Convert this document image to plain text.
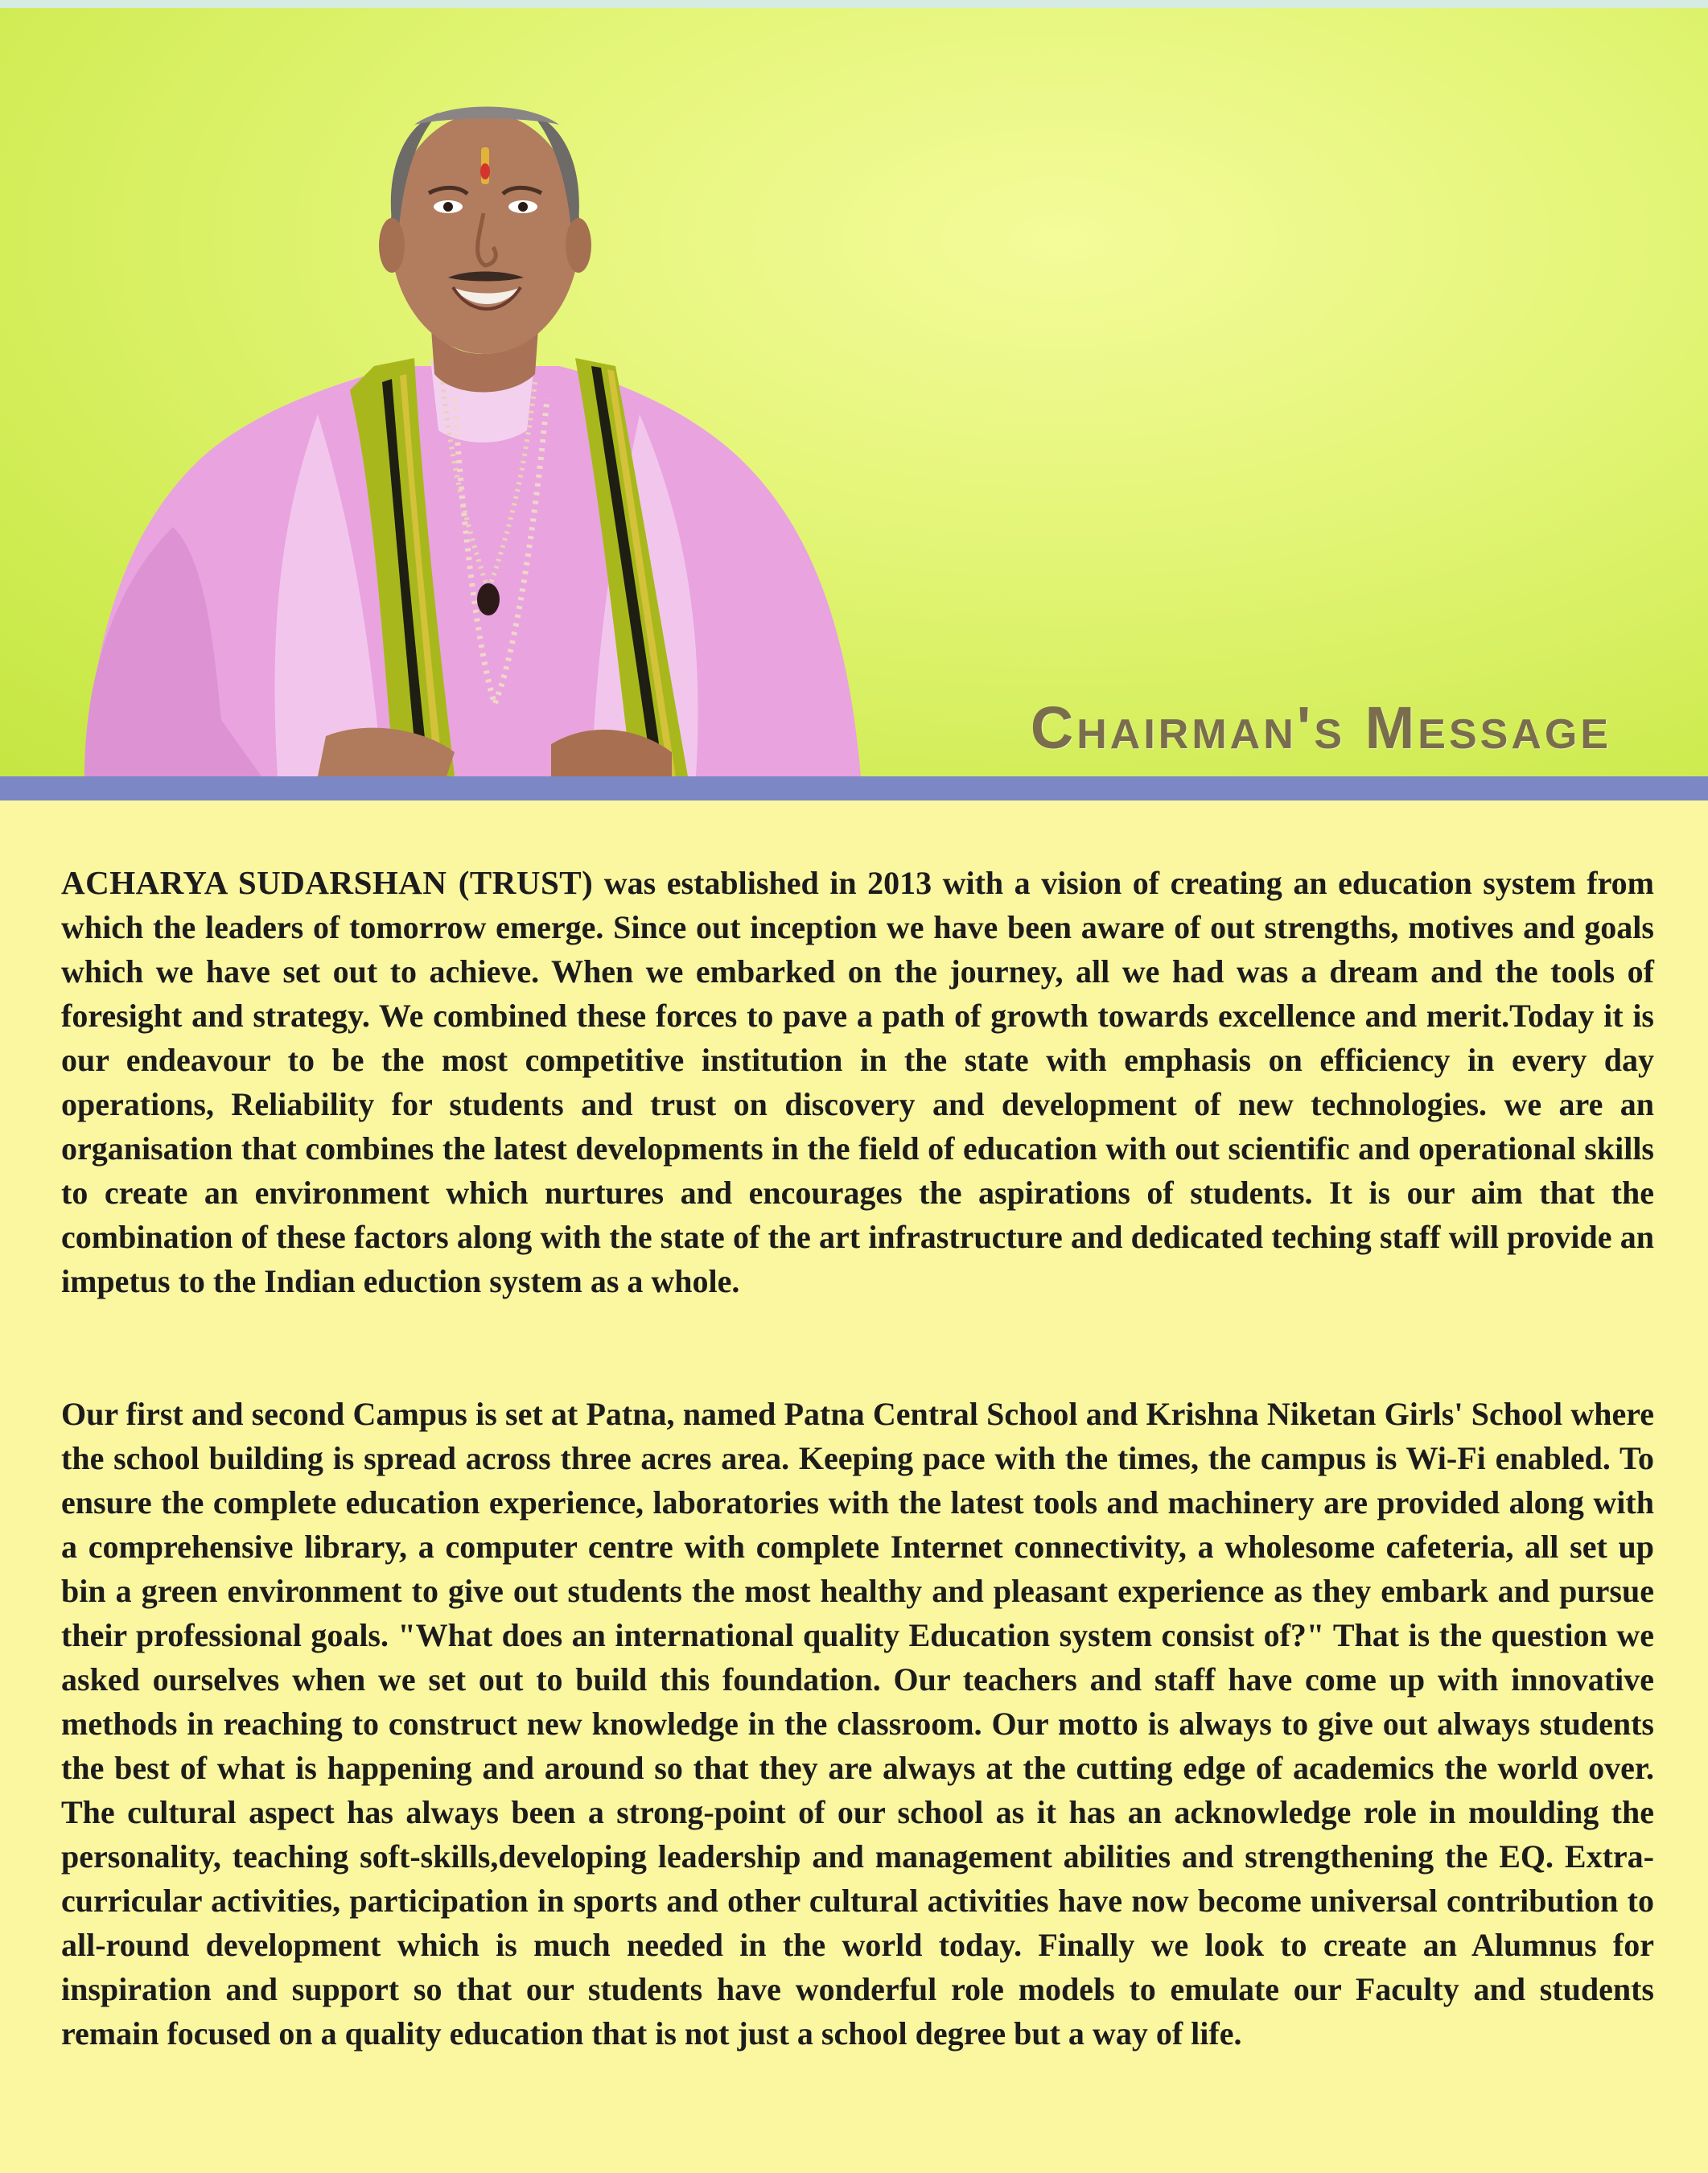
Chairman's Message
ACHARYA SUDARSHAN (TRUST) was established in 2013 with a vision of creating an education system from which the leaders of tomorrow emerge. Since out inception we have been aware of out strengths, motives and goals which we have set out to achieve. When we embarked on the journey, all we had was a dream and the tools of foresight and strategy. We combined these forces to pave a path of growth towards excellence and merit.Today it is our endeavour to be the most competitive institution in the state with emphasis on efficiency in every day operations, Reliability for students and trust on discovery and development of new technologies. we are an organisation that combines the latest developments in the field of education with out scientific and operational skills to create an environment which nurtures and encourages the aspirations of students. It is our aim that the combination of these factors along with the state of the art infrastructure and dedicated teching staff will provide an impetus to the Indian eduction system as a whole.
Our first and second Campus is set at Patna, named Patna Central School and Krishna Niketan Girls' School where the school building is spread across three acres area. Keeping pace with the times, the campus is Wi-Fi enabled. To ensure the complete education experience, laboratories with the latest tools and machinery are provided along with a comprehensive library, a computer centre with complete Internet connectivity, a wholesome cafeteria, all set up bin a green environment to give out students the most healthy and pleasant experience as they embark and pursue their professional goals. "What does an international quality Education system consist of?" That is the question we asked ourselves when we set out to build this foundation. Our teachers and staff have come up with innovative methods in reaching to construct new knowledge in the classroom. Our motto is always to give out always students the best of what is happening and around so that they are always at the cutting edge of academics the world over. The cultural aspect has always been a strong-point of our school as it has an acknowledge role in moulding the personality, teaching soft-skills,developing leadership and management abilities and strengthening the EQ. Extra-curricular activities, participation in sports and other cultural activities have now become universal contribution to all-round development which is much needed in the world today. Finally we look to create an Alumnus for inspiration and support so that our students have wonderful role models to emulate our Faculty and students remain focused on a quality education that is not just a school degree but a way of life.
